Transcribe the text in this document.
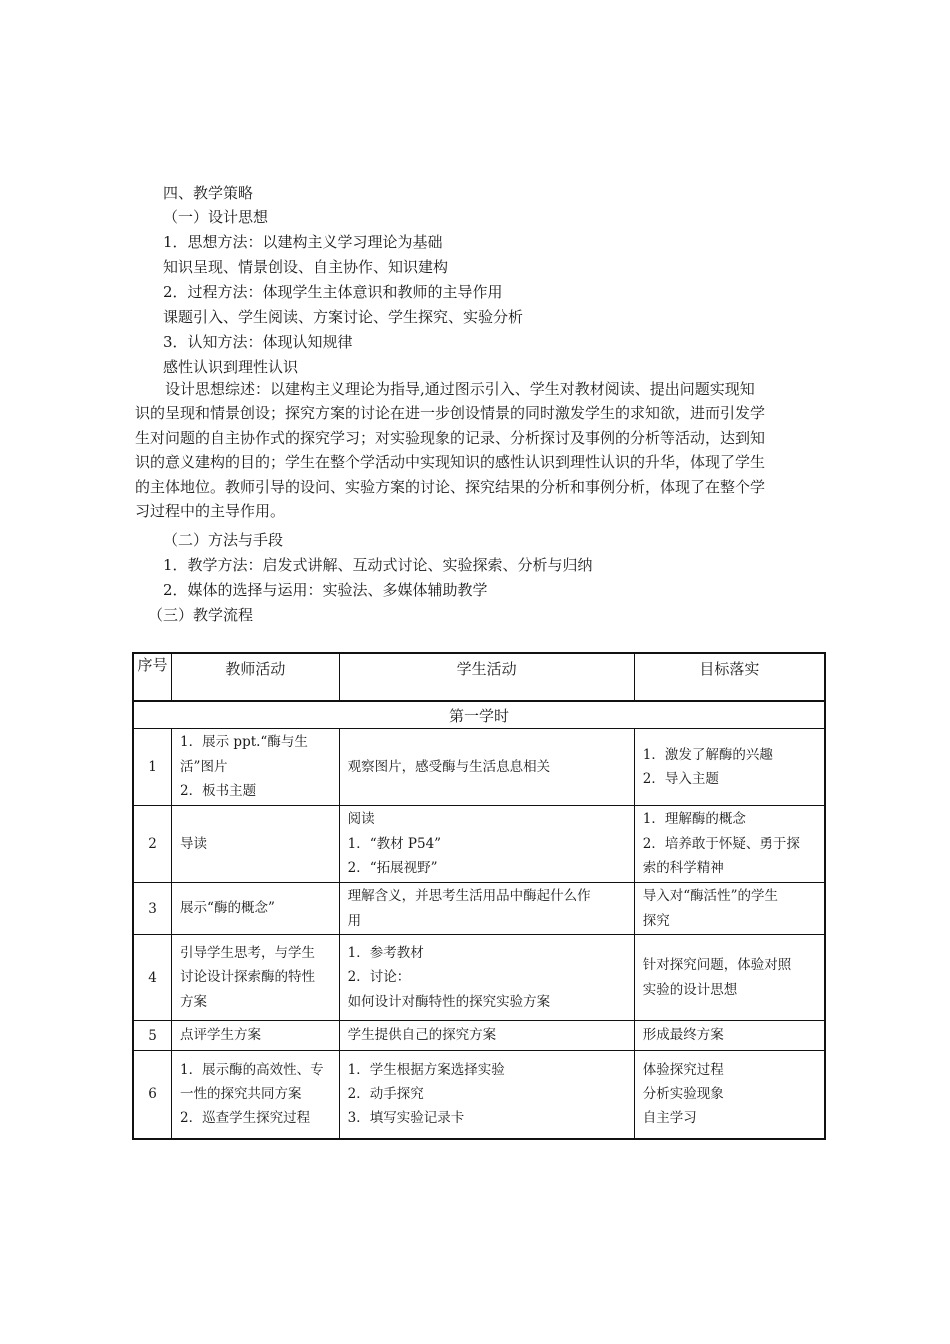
四、教学策略
（一）设计思想
1．思想方法：以建构主义学习理论为基础
知识呈现、情景创设、自主协作、知识建构
2．过程方法：体现学生主体意识和教师的主导作用
课题引入、学生阅读、方案讨论、学生探究、实验分析
3．认知方法：体现认知规律
感性认识到理性认识
　　设计思想综述：以建构主义理论为指导,通过图示引入、学生对教材阅读、提出问题实现知
识的呈现和情景创设；探究方案的讨论在进一步创设情景的同时激发学生的求知欲，进而引发学
生对问题的自主协作式的探究学习；对实验现象的记录、分析探讨及事例的分析等活动，达到知
识的意义建构的目的；学生在整个学活动中实现知识的感性认识到理性认识的升华，体现了学生
的主体地位。教师引导的设问、实验方案的讨论、探究结果的分析和事例分析，体现了在整个学
习过程中的主导作用。
（二）方法与手段
1．教学方法：启发式讲解、互动式讨论、实验探索、分析与归纳
2．媒体的选择与运用：实验法、多媒体辅助教学
（三）教学流程
序号	教师活动	学生活动	目标落实
第一学时			
1	1．展示 ppt.“酶与生
活”图片
2．板书主题	观察图片，感受酶与生活息息相关	1．激发了解酶的兴趣
2．导入主题

2	导读	阅读
1．“教材 P54”
2．“拓展视野”	1．理解酶的概念
2．培养敢于怀疑、勇于探
索的科学精神

3	展示“酶的概念”	理解含义，并思考生活用品中酶起什么作
用	导入对“酶活性”的学生
探究

4	引导学生思考，与学生
讨论设计探索酶的特性
方案	1．参考教材
2．讨论：
如何设计对酶特性的探究实验方案	针对探究问题，体验对照
实验的设计思想

5	点评学生方案	学生提供自己的探究方案	形成最终方案

6	1．展示酶的高效性、专
一性的探究共同方案
2．巡查学生探究过程	1．学生根据方案选择实验
2．动手探究
3．填写实验记录卡	体验探究过程
分析实验现象
自主学习
